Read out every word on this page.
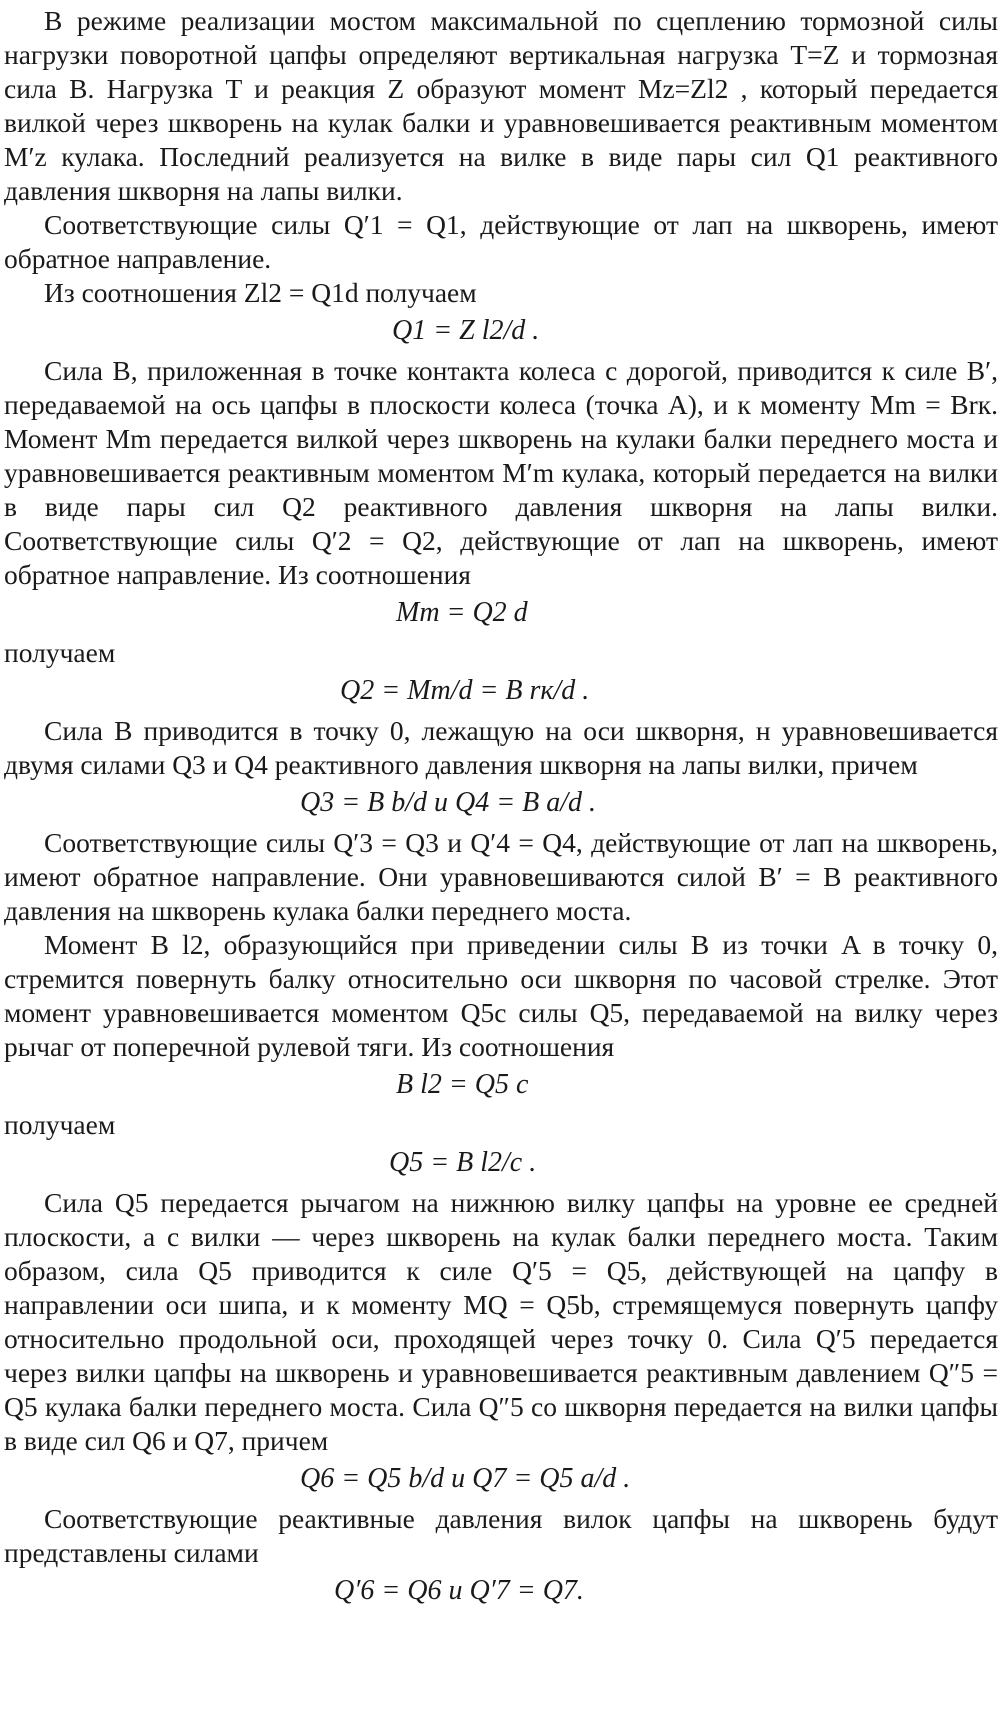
В режиме реализации мостом максимальной по сцеплению тормозной силы нагрузки поворотной цапфы определяют вертикальная нагрузка T=Z и тормозная сила B. Нагрузка T и реакция Z образуют момент Mz=Zl2 , который передается вилкой через шкворень на кулак балки и уравновешивается реактивным моментом M′z кулака. Последний реализуется на вилке в виде пары сил Q1 реактивного давления шкворня на лапы вилки.

Соответствующие силы Q′1 = Q1, действующие от лап на шкворень, имеют обратное направление.

Из соотношения Zl2 = Q1d получаем

Q1 = Z l2/d .

Сила B, приложенная в точке контакта колеса с дорогой, приводится к силе B′, передаваемой на ось цапфы в плоскости колеса (точка A), и к моменту Mm = Brк. Момент Mm передается вилкой через шкворень на кулаки балки переднего моста и уравновешивается реактивным моментом M′m кулака, который передается на вилки в виде пары сил Q2 реактивного давления шкворня на лапы вилки. Соответствующие силы Q′2 = Q2, действующие от лап на шкворень, имеют обратное направление. Из соотношения

Mm = Q2 d

получаем

Q2 = Mm/d = B rк/d .

Сила B приводится в точку 0, лежащую на оси шкворня, н уравновешивается двумя силами Q3 и Q4 реактивного давления шкворня на лапы вилки, причем

Q3 = B b/d и Q4 = B a/d .

Соответствующие силы Q′3 = Q3 и Q′4 = Q4, действующие от лап на шкворень, имеют обратное направление. Они уравновешиваются силой B′ = B реактивного давления на шкворень кулака балки переднего моста.

Момент B l2, образующийся при приведении силы B из точки A в точку 0, стремится повернуть балку относительно оси шкворня по часовой стрелке. Этот момент уравновешивается моментом Q5c силы Q5, передаваемой на вилку через рычаг от поперечной рулевой тяги. Из соотношения

B l2 = Q5 c

получаем

Q5 = B l2/c .

Сила Q5 передается рычагом на нижнюю вилку цапфы на уровне ее средней плоскости, а с вилки — через шкворень на кулак балки переднего моста. Таким образом, сила Q5 приводится к силе Q′5 = Q5, действующей на цапфу в направлении оси шипа, и к моменту MQ = Q5b, стремящемуся повернуть цапфу относительно продольной оси, проходящей через точку 0. Сила Q′5 передается через вилки цапфы на шкворень и уравновешивается реактивным давлением Q″5 = Q5 кулака балки переднего моста. Сила Q″5 со шкворня передается на вилки цапфы в виде сил Q6 и Q7, причем

Q6 = Q5 b/d и Q7 = Q5 a/d .

Соответствующие реактивные давления вилок цапфы на шкворень будут представлены силами

Q′6 = Q6 и Q′7 = Q7.
